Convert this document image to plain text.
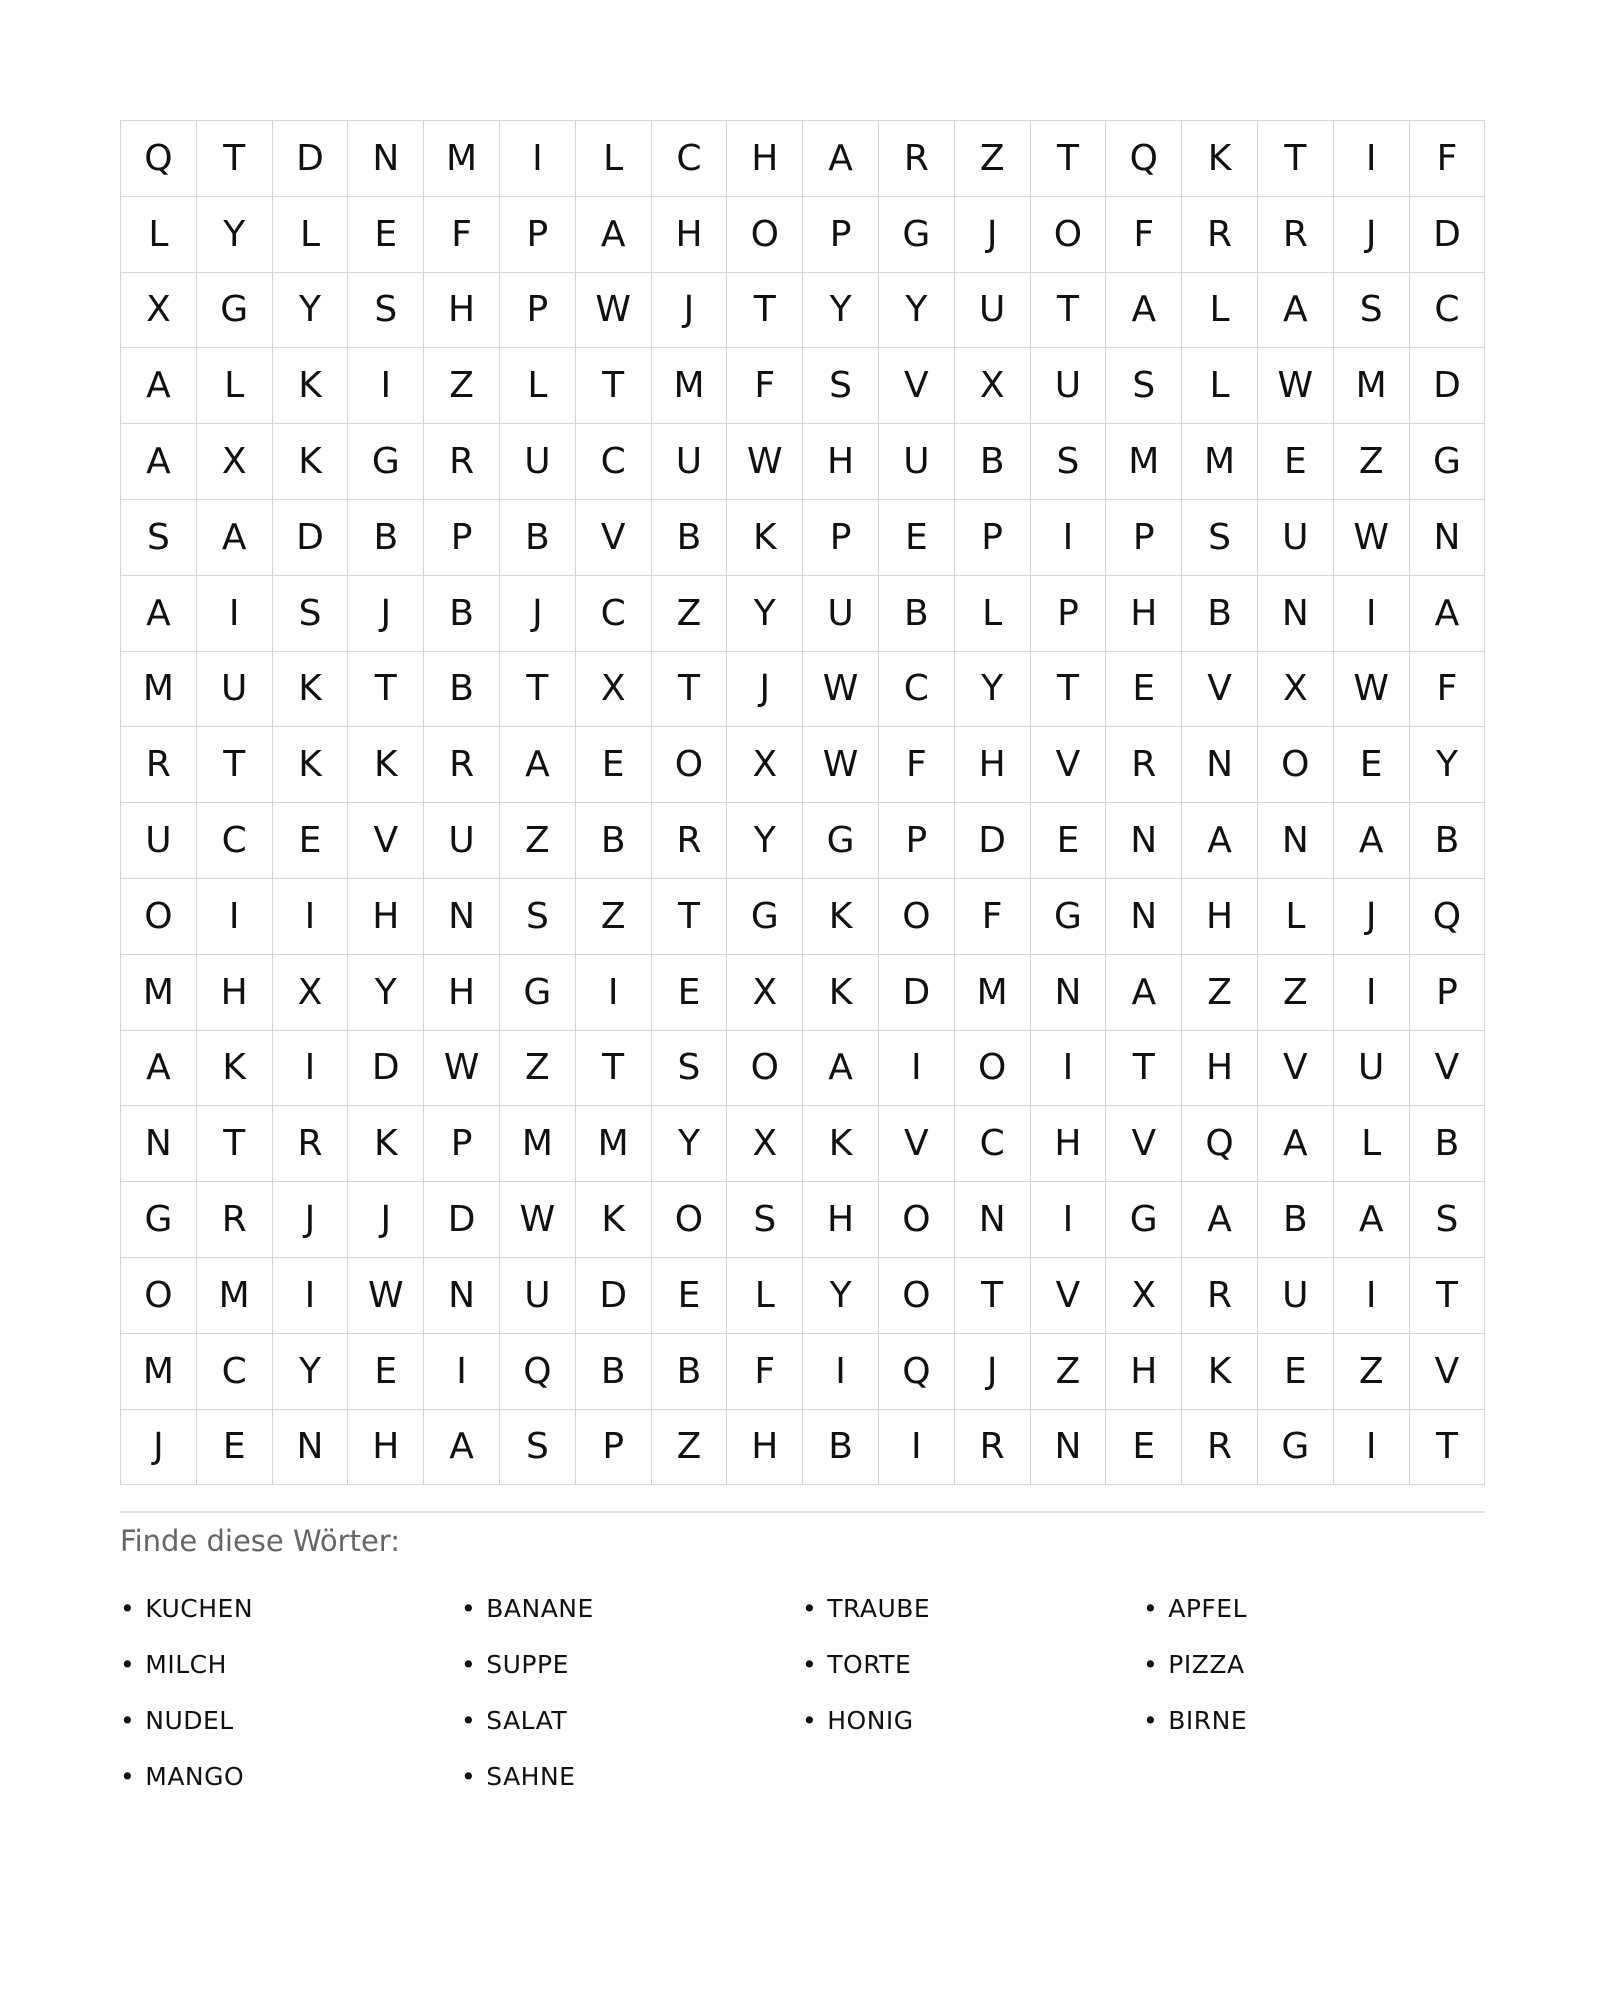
Q	T	D	N	M	I	L	C	H	A	R	Z	T	Q	K	T	I	F
L	Y	L	E	F	P	A	H	O	P	G	J	O	F	R	R	J	D
X	G	Y	S	H	P	W	J	T	Y	Y	U	T	A	L	A	S	C
A	L	K	I	Z	L	T	M	F	S	V	X	U	S	L	W	M	D
A	X	K	G	R	U	C	U	W	H	U	B	S	M	M	E	Z	G
S	A	D	B	P	B	V	B	K	P	E	P	I	P	S	U	W	N
A	I	S	J	B	J	C	Z	Y	U	B	L	P	H	B	N	I	A
M	U	K	T	B	T	X	T	J	W	C	Y	T	E	V	X	W	F
R	T	K	K	R	A	E	O	X	W	F	H	V	R	N	O	E	Y
U	C	E	V	U	Z	B	R	Y	G	P	D	E	N	A	N	A	B
O	I	I	H	N	S	Z	T	G	K	O	F	G	N	H	L	J	Q
M	H	X	Y	H	G	I	E	X	K	D	M	N	A	Z	Z	I	P
A	K	I	D	W	Z	T	S	O	A	I	O	I	T	H	V	U	V
N	T	R	K	P	M	M	Y	X	K	V	C	H	V	Q	A	L	B
G	R	J	J	D	W	K	O	S	H	O	N	I	G	A	B	A	S
O	M	I	W	N	U	D	E	L	Y	O	T	V	X	R	U	I	T
M	C	Y	E	I	Q	B	B	F	I	Q	J	Z	H	K	E	Z	V
J	E	N	H	A	S	P	Z	H	B	I	R	N	E	R	G	I	T
Finde diese Wörter:
• KUCHEN	• BANANE	• TRAUBE	• APFEL
• MILCH	• SUPPE	• TORTE	• PIZZA
• NUDEL	• SALAT	• HONIG	• BIRNE
• MANGO	• SAHNE
